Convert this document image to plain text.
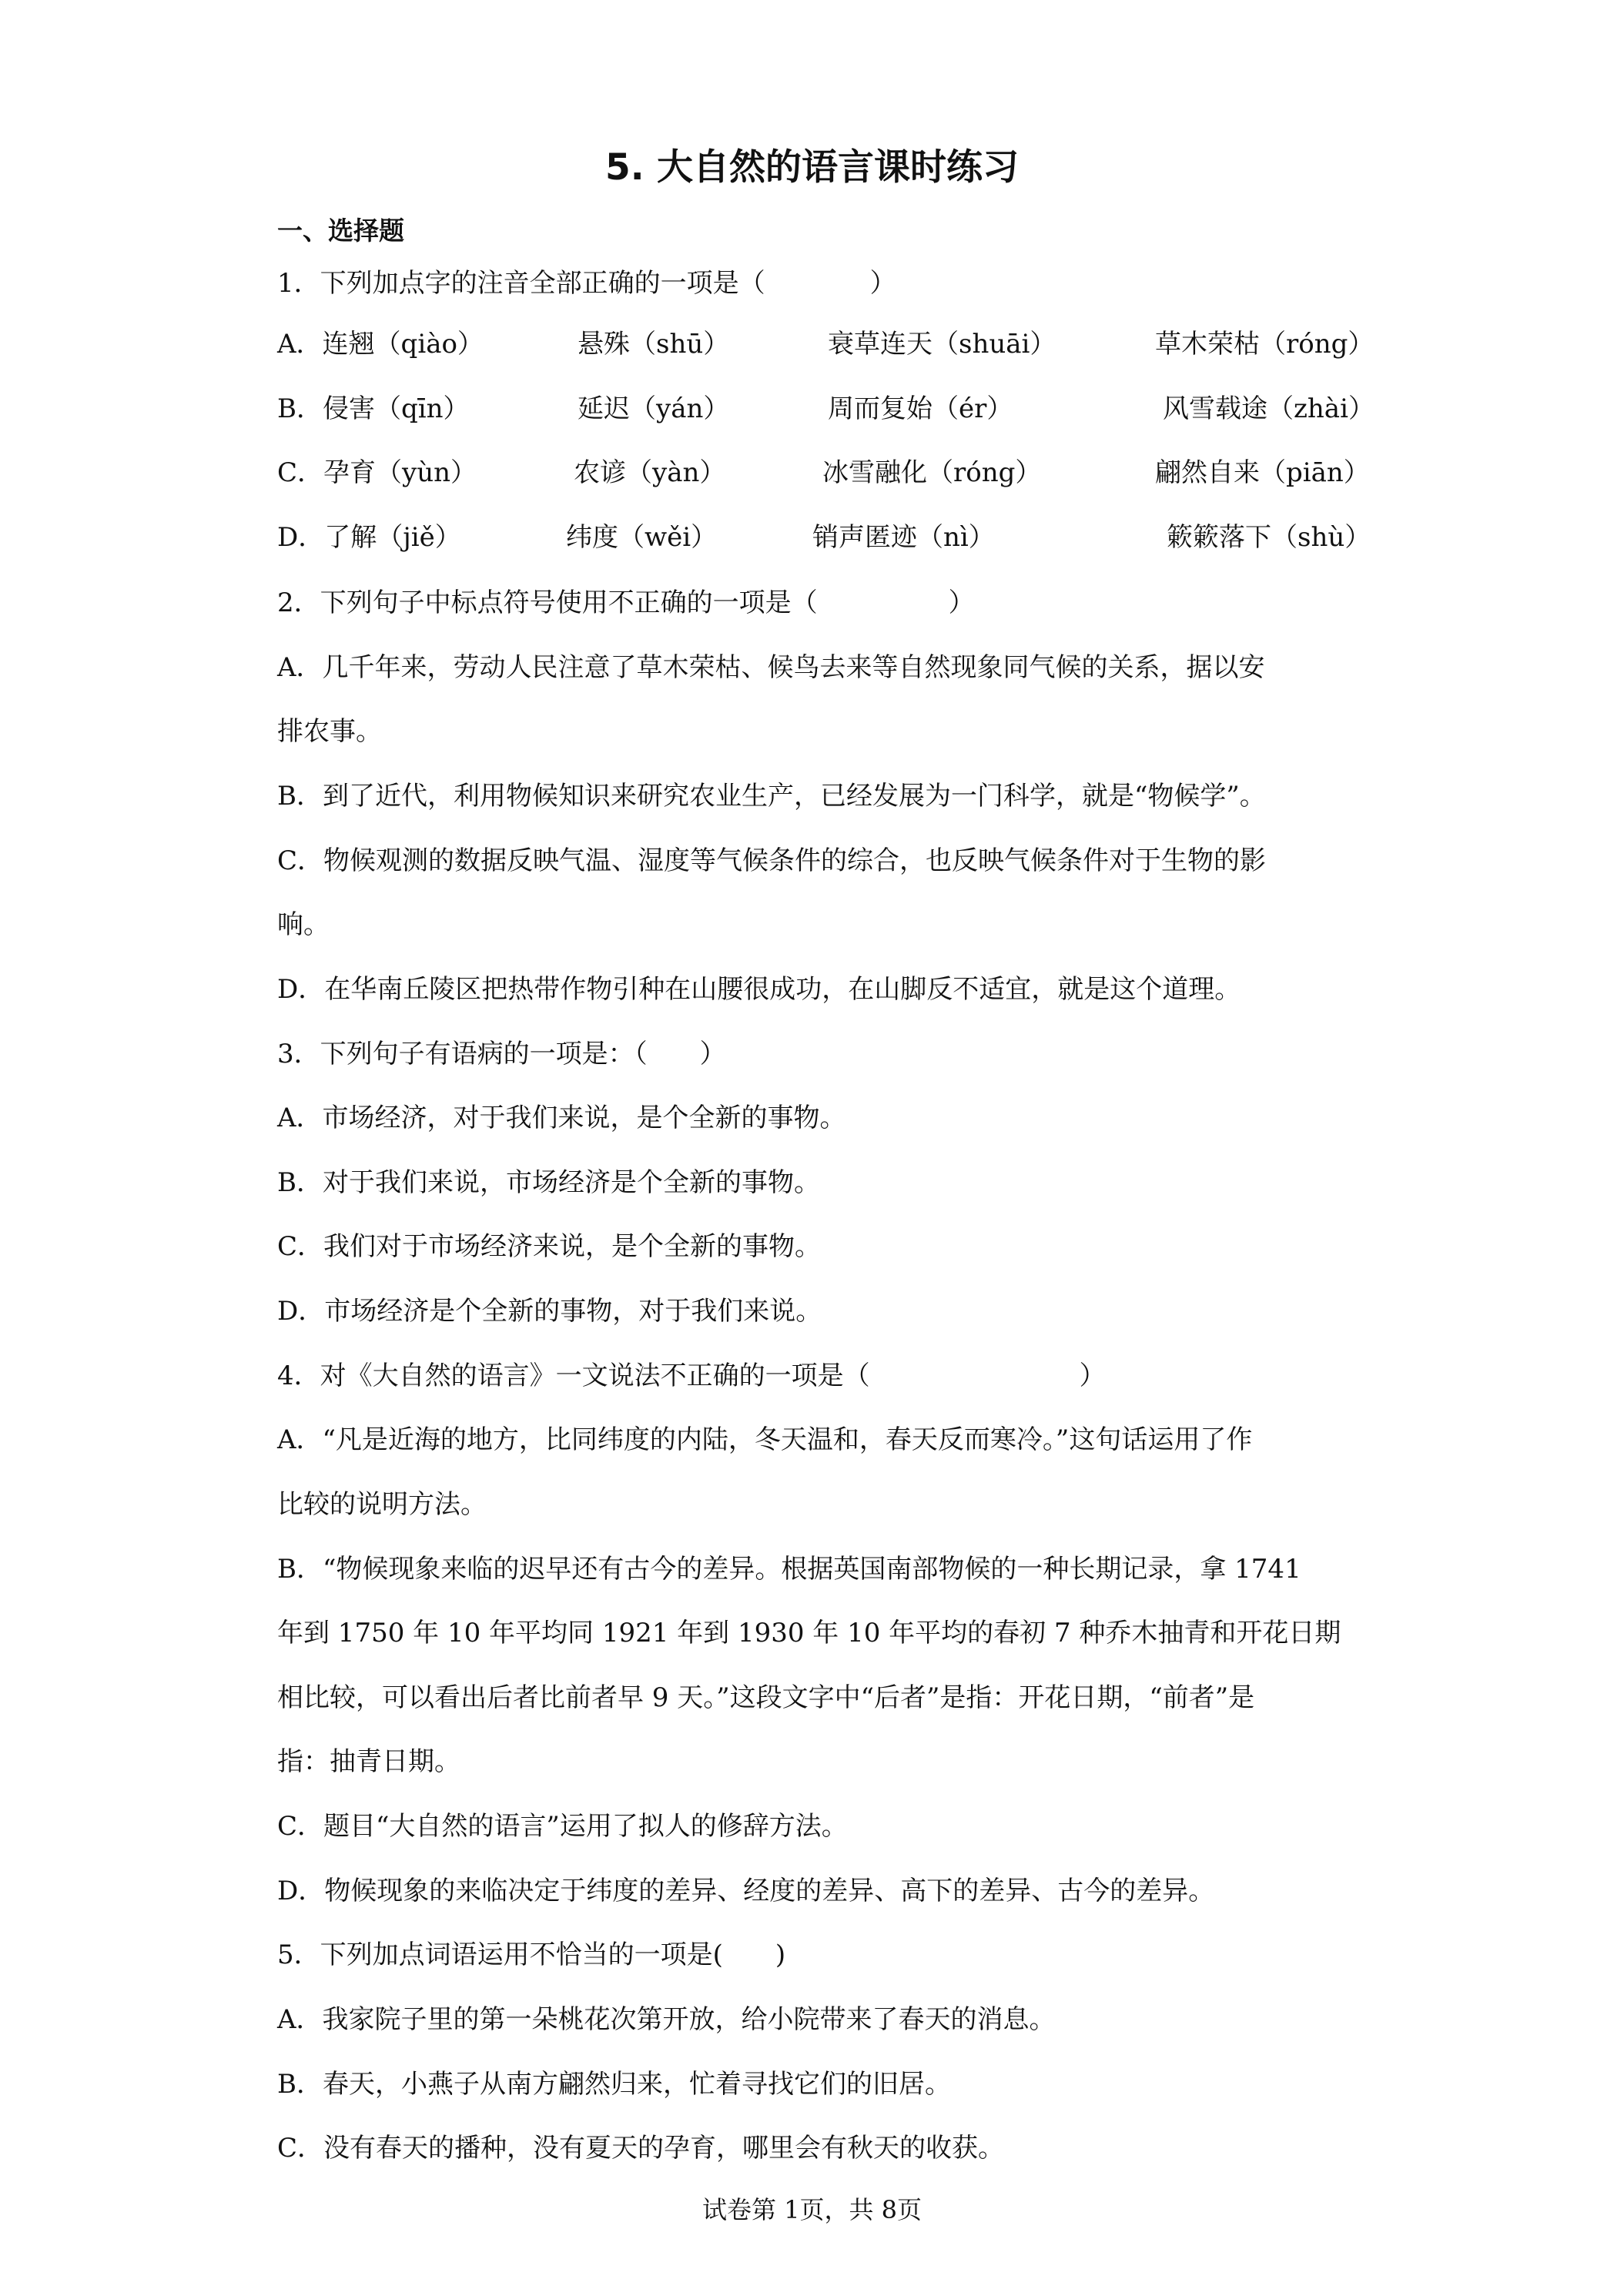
5. 大自然的语言课时练习
一、选择题
1．下列加点字的注音全部正确的一项是（　　　　）
A．连翘（qiào）	悬殊（shū）	衰草连天（shuāi）	草木荣枯（róng）
B．侵害（qīn）	延迟（yán）	周而复始（ér）	风雪载途（zhài）
C．孕育（yùn）	农谚（yàn）	冰雪融化（róng）	翩然自来（piān）
D．了解（jiě）	纬度（wěi）	销声匿迹（nì）	簌簌落下（shù）
2．下列句子中标点符号使用不正确的一项是（　　　　　）
A．几千年来，劳动人民注意了草木荣枯、候鸟去来等自然现象同气候的关系，据以安
排农事。
B．到了近代，利用物候知识来研究农业生产，已经发展为一门科学，就是“物候学”。
C．物候观测的数据反映气温、湿度等气候条件的综合，也反映气候条件对于生物的影
响。
D．在华南丘陵区把热带作物引种在山腰很成功，在山脚反不适宜，就是这个道理。
3．下列句子有语病的一项是：（　　）
A．市场经济，对于我们来说，是个全新的事物。
B．对于我们来说，市场经济是个全新的事物。
C．我们对于市场经济来说，是个全新的事物。
D．市场经济是个全新的事物，对于我们来说。
4．对《大自然的语言》一文说法不正确的一项是（　　　　　　　　）
A．“凡是近海的地方，比同纬度的内陆，冬天温和，春天反而寒冷。”这句话运用了作
比较的说明方法。
B．“物候现象来临的迟早还有古今的差异。根据英国南部物候的一种长期记录，拿 1741
年到 1750 年 10 年平均同 1921 年到 1930 年 10 年平均的春初 7 种乔木抽青和开花日期
相比较，可以看出后者比前者早 9 天。”这段文字中“后者”是指：开花日期，“前者”是
指：抽青日期。
C．题目“大自然的语言”运用了拟人的修辞方法。
D．物候现象的来临决定于纬度的差异、经度的差异、高下的差异、古今的差异。
5．下列加点词语运用不恰当的一项是(　　)
A．我家院子里的第一朵桃花次第开放，给小院带来了春天的消息。
B．春天，小燕子从南方翩然归来，忙着寻找它们的旧居。
C．没有春天的播种，没有夏天的孕育，哪里会有秋天的收获。
试卷第 1页，共 8页
